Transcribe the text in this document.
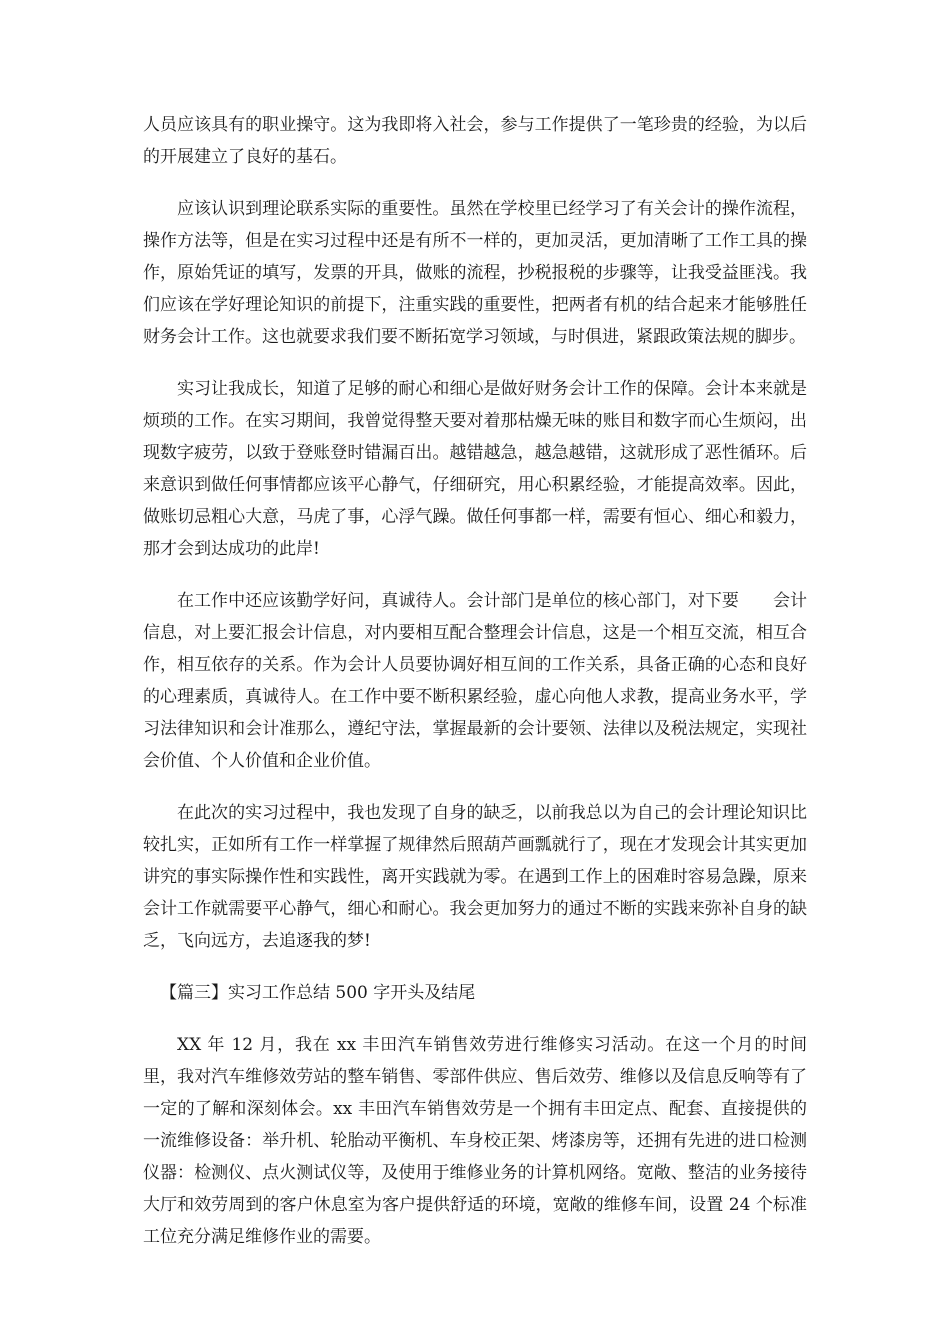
人员应该具有的职业操守。这为我即将入社会，参与工作提供了一笔珍贵的经验，为以后的开展建立了良好的基石。

应该认识到理论联系实际的重要性。虽然在学校里已经学习了有关会计的操作流程，操作方法等，但是在实习过程中还是有所不一样的，更加灵活，更加清晰了工作工具的操作，原始凭证的填写，发票的开具，做账的流程，抄税报税的步骤等，让我受益匪浅。我们应该在学好理论知识的前提下，注重实践的重要性，把两者有机的结合起来才能够胜任财务会计工作。这也就要求我们要不断拓宽学习领域，与时俱进，紧跟政策法规的脚步。

实习让我成长，知道了足够的耐心和细心是做好财务会计工作的保障。会计本来就是烦琐的工作。在实习期间，我曾觉得整天要对着那枯燥无味的账目和数字而心生烦闷，出现数字疲劳，以致于登账登时错漏百出。越错越急，越急越错，这就形成了恶性循环。后来意识到做任何事情都应该平心静气，仔细研究，用心积累经验，才能提高效率。因此，做账切忌粗心大意，马虎了事，心浮气躁。做任何事都一样，需要有恒心、细心和毅力，那才会到达成功的此岸!

在工作中还应该勤学好问，真诚待人。会计部门是单位的核心部门，对下要　　会计信息，对上要汇报会计信息，对内要相互配合整理会计信息，这是一个相互交流，相互合作，相互依存的关系。作为会计人员要协调好相互间的工作关系，具备正确的心态和良好的心理素质，真诚待人。在工作中要不断积累经验，虚心向他人求教，提高业务水平，学习法律知识和会计准那么，遵纪守法，掌握最新的会计要领、法律以及税法规定，实现社会价值、个人价值和企业价值。

在此次的实习过程中，我也发现了自身的缺乏，以前我总以为自己的会计理论知识比较扎实，正如所有工作一样掌握了规律然后照葫芦画瓢就行了，现在才发现会计其实更加讲究的事实际操作性和实践性，离开实践就为零。在遇到工作上的困难时容易急躁，原来会计工作就需要平心静气，细心和耐心。我会更加努力的通过不断的实践来弥补自身的缺乏，飞向远方，去追逐我的梦!

【篇三】实习工作总结 500 字开头及结尾

XX 年 12 月，我在 xx 丰田汽车销售效劳进行维修实习活动。在这一个月的时间里，我对汽车维修效劳站的整车销售、零部件供应、售后效劳、维修以及信息反响等有了一定的了解和深刻体会。xx 丰田汽车销售效劳是一个拥有丰田定点、配套、直接提供的一流维修设备：举升机、轮胎动平衡机、车身校正架、烤漆房等，还拥有先进的进口检测仪器：检测仪、点火测试仪等，及使用于维修业务的计算机网络。宽敞、整洁的业务接待大厅和效劳周到的客户休息室为客户提供舒适的环境，宽敞的维修车间，设置 24 个标准工位充分满足维修作业的需要。
